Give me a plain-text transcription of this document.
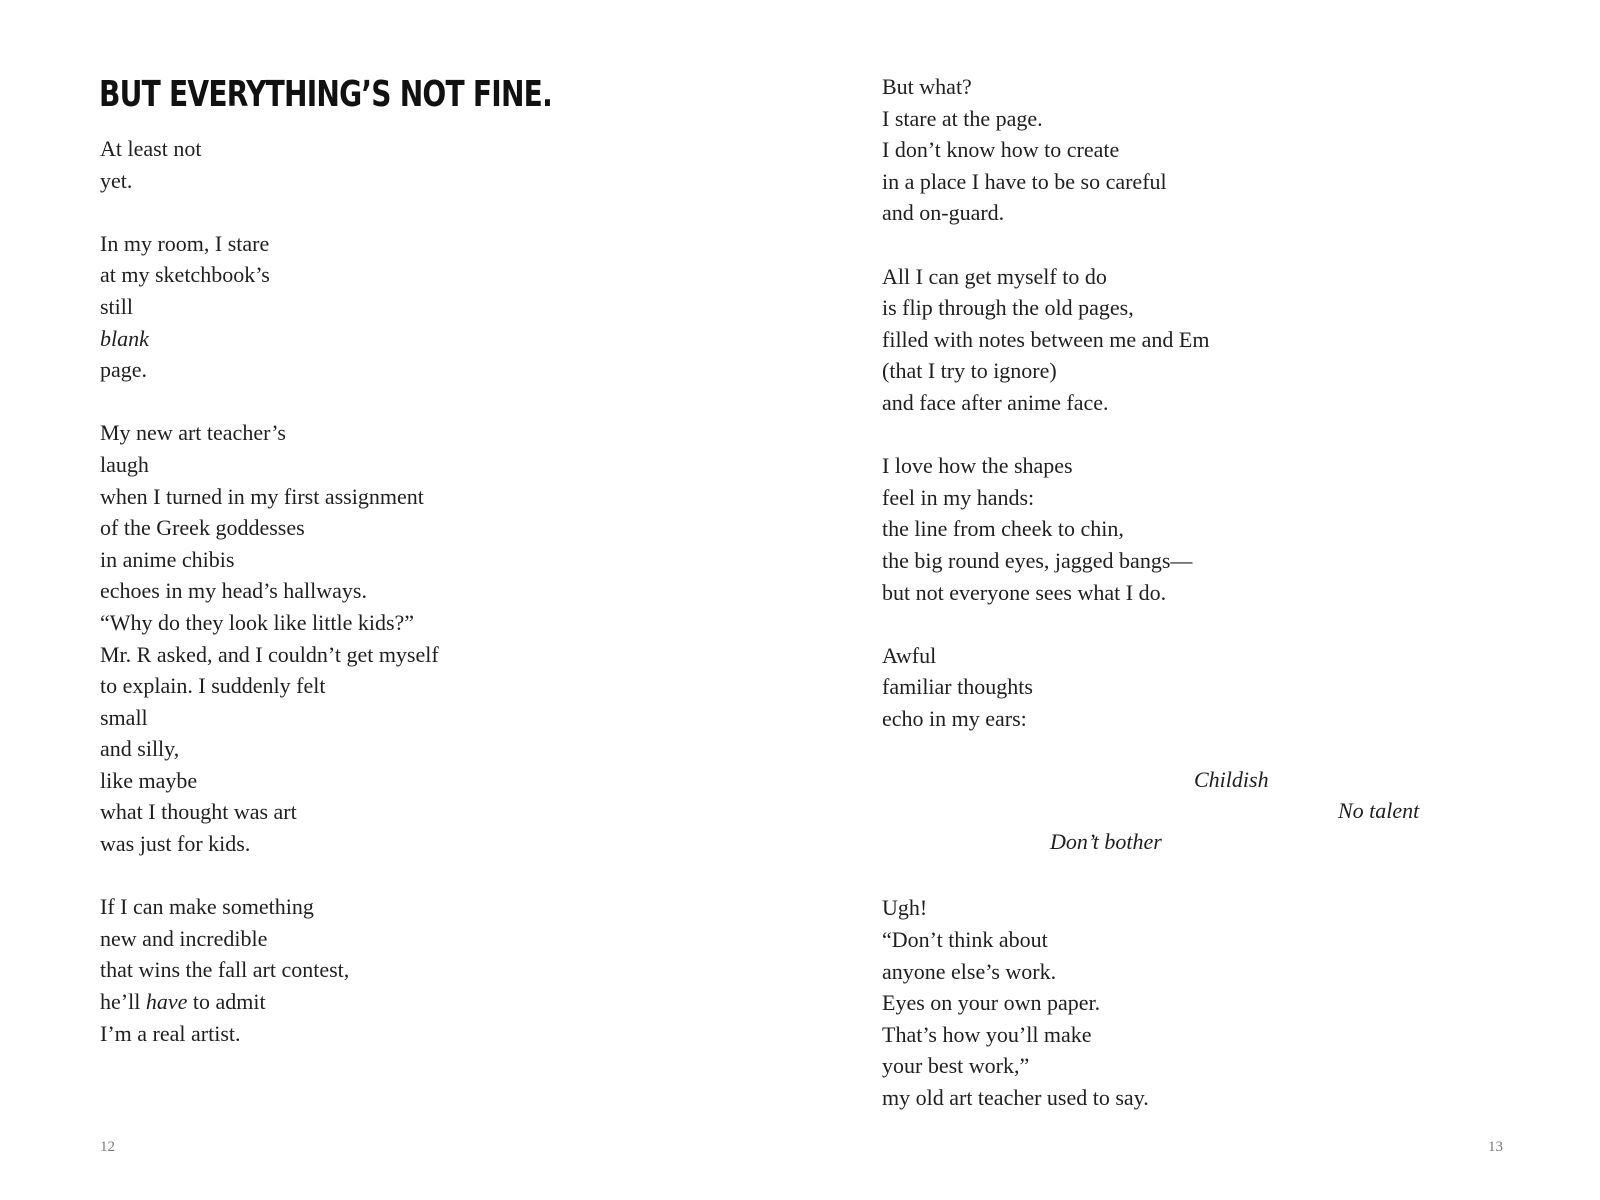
BUT EVERYTHING’S NOT FINE.
At least not
yet.
In my room, I stare
at my sketchbook’s
still
blank
page.
My new art teacher’s
laugh
when I turned in my first assignment
of the Greek goddesses
in anime chibis
echoes in my head’s hallways.
“Why do they look like little kids?”
Mr. R asked, and I couldn’t get myself
to explain. I suddenly felt
small
and silly,
like maybe
what I thought was art
was just for kids.
If I can make something
new and incredible
that wins the fall art contest,
he’ll have to admit
I’m a real artist.
12
But what?
I stare at the page.
I don’t know how to create
in a place I have to be so careful
and on-guard.
All I can get myself to do
is flip through the old pages,
filled with notes between me and Em
(that I try to ignore)
and face after anime face.
I love how the shapes
feel in my hands:
the line from cheek to chin,
the big round eyes, jagged bangs—
but not everyone sees what I do.
Awful
familiar thoughts
echo in my ears:
Ugh!
“Don’t think about
anyone else’s work.
Eyes on your own paper.
That’s how you’ll make
your best work,”
my old art teacher used to say.
Childish
No talent
Don’t bother
13
